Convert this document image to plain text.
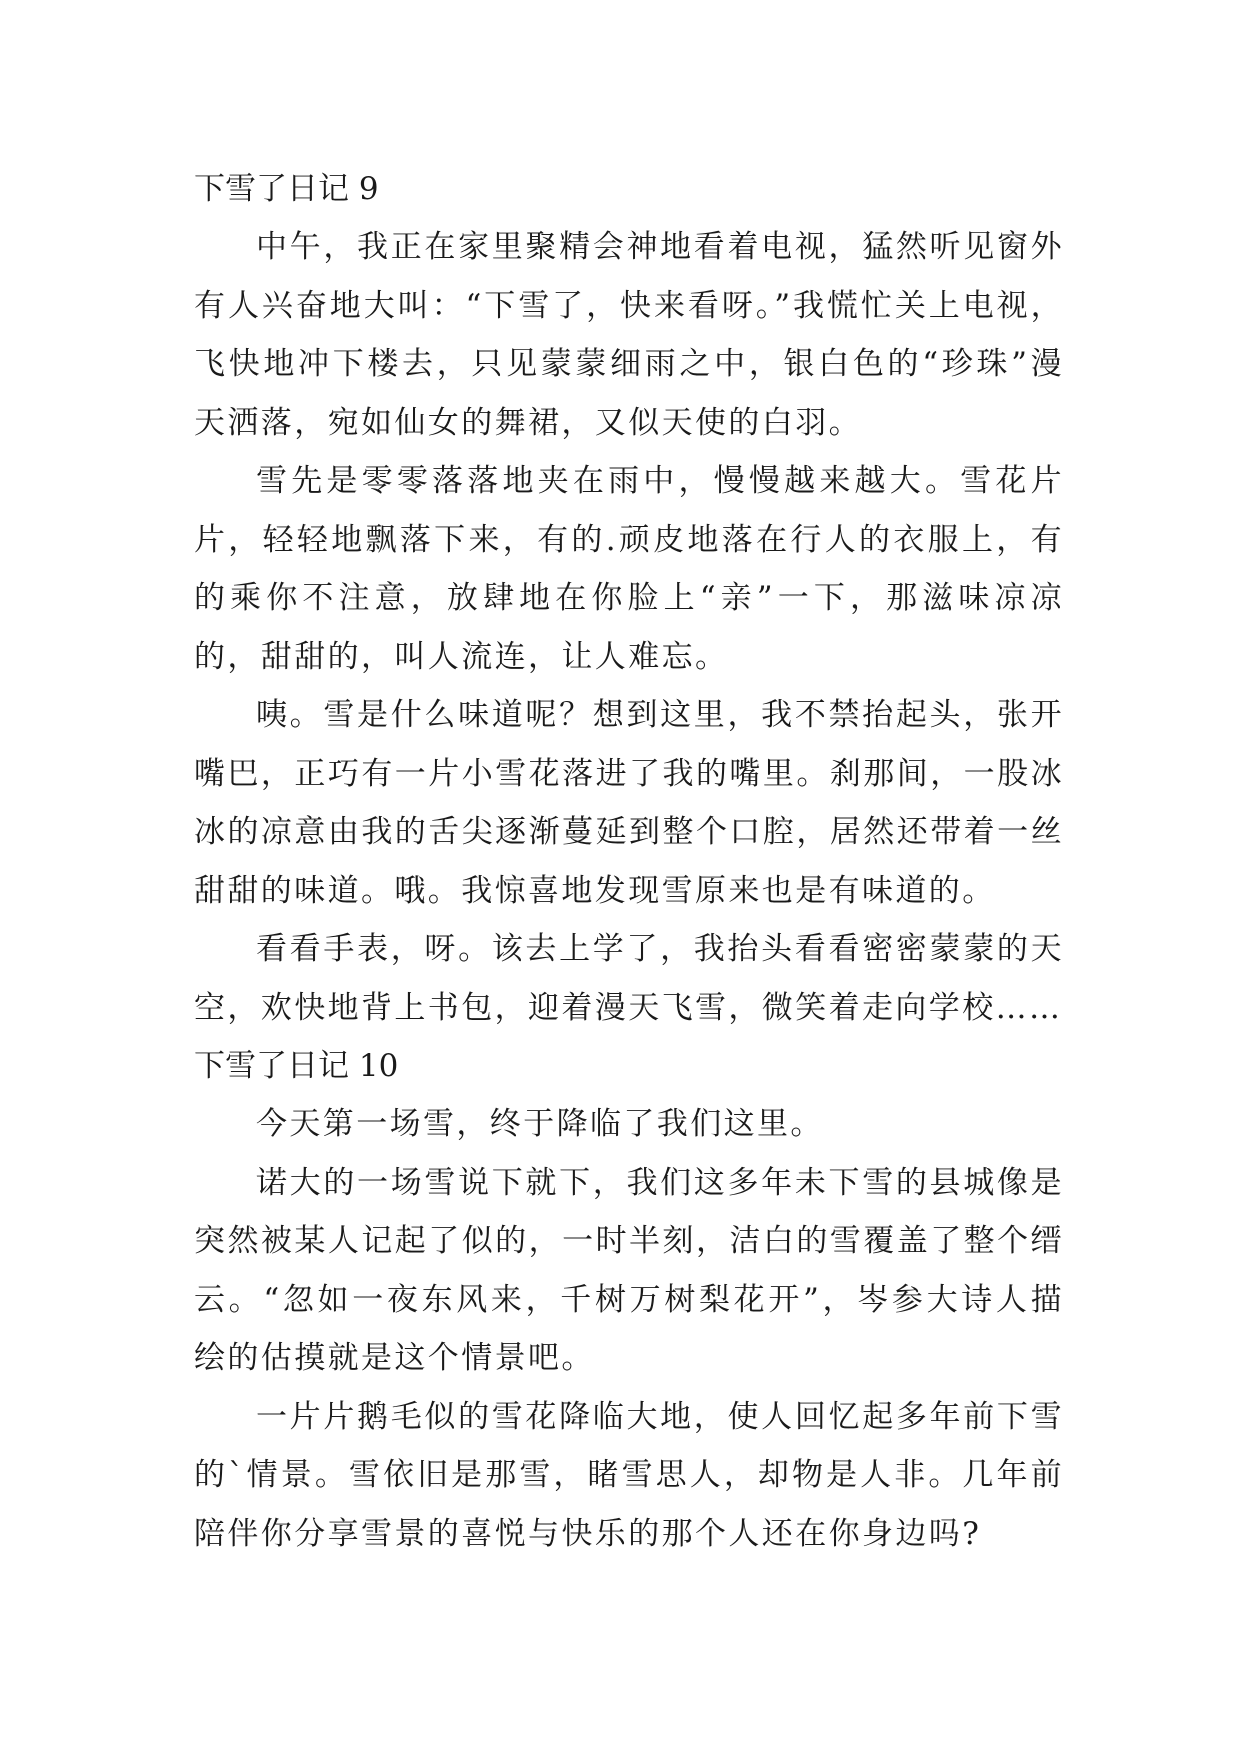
下雪了日记 9

中午，我正在家里聚精会神地看着电视，猛然听见窗外有人兴奋地大叫：“下雪了，快来看呀。”我慌忙关上电视，飞快地冲下楼去，只见蒙蒙细雨之中，银白色的“珍珠”漫天洒落，宛如仙女的舞裙，又似天使的白羽。

雪先是零零落落地夹在雨中，慢慢越来越大。雪花片片，轻轻地飘落下来，有的.顽皮地落在行人的衣服上，有的乘你不注意，放肆地在你脸上“亲”一下，那滋味凉凉的，甜甜的，叫人流连，让人难忘。

咦。雪是什么味道呢？想到这里，我不禁抬起头，张开嘴巴，正巧有一片小雪花落进了我的嘴里。刹那间，一股冰冰的凉意由我的舌尖逐渐蔓延到整个口腔，居然还带着一丝甜甜的味道。哦。我惊喜地发现雪原来也是有味道的。

看看手表，呀。该去上学了，我抬头看看密密蒙蒙的天空，欢快地背上书包，迎着漫天飞雪，微笑着走向学校……

下雪了日记 10

今天第一场雪，终于降临了我们这里。

诺大的一场雪说下就下，我们这多年未下雪的县城像是突然被某人记起了似的，一时半刻，洁白的雪覆盖了整个缙云。“忽如一夜东风来，千树万树梨花开”，岑参大诗人描绘的估摸就是这个情景吧。

一片片鹅毛似的雪花降临大地，使人回忆起多年前下雪的`情景。雪依旧是那雪，睹雪思人，却物是人非。几年前陪伴你分享雪景的喜悦与快乐的那个人还在你身边吗?
